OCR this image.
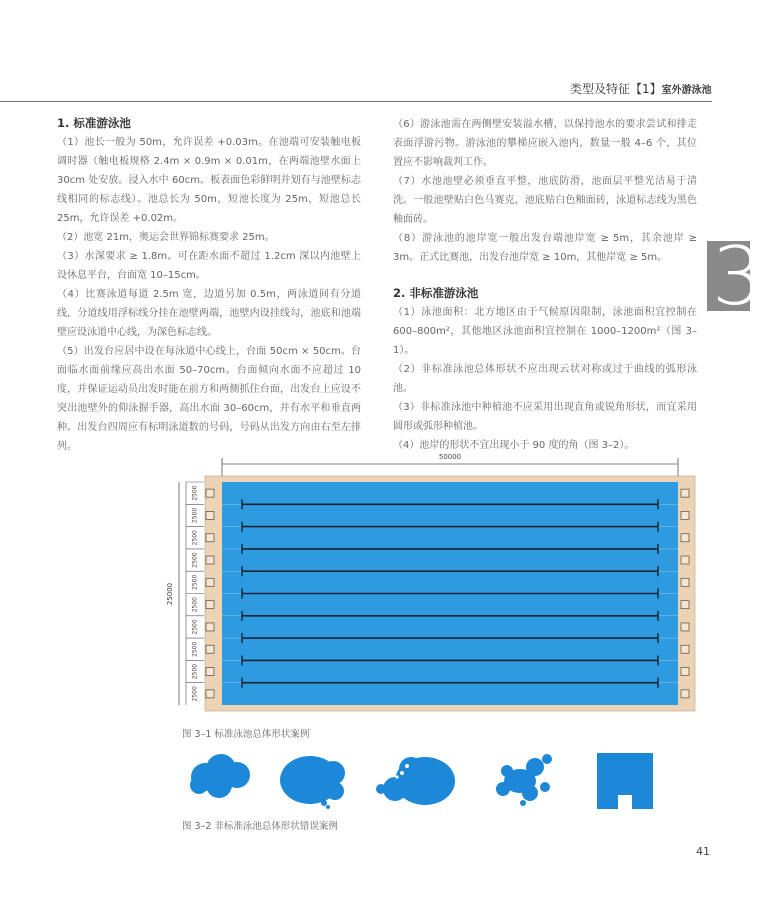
类型及特征【1】室外游泳池
3
1. 标准游泳池

（1）池长一般为 50m，允许误差 +0.03m。在池端可安装触电板调时器（触电板规格 2.4m × 0.9m × 0.01m，在两端池壁水面上 30cm 处安放。浸入水中 60cm。板表面色彩鲜明并划有与池壁标志线相同的标志线）。池总长为 50m，短池长度为 25m，短池总长 25m，允许误差 +0.02m。

（2）池宽 21m，奥运会世界锦标赛要求 25m。

（3）水深要求 ≥ 1.8m。可在距水面不超过 1.2cm 深以内池壁上设休息平台，台面宽 10–15cm。

（4）比赛泳道每道 2.5m 宽，边道另加 0.5m，两泳道间有分道线，分道线用浮标线分挂在池壁两端，池壁内设挂线勾，池底和池端壁应设泳道中心线，为深色标志线。

（5）出发台应居中设在每泳道中心线上，台面 50cm × 50cm。台面临水面前缘应高出水面 50–70cm。台面倾向水面不应超过 10 度，并保证运动员出发时能在前方和两侧抓住台面，出发台上应设不突出池壁外的仰泳握手器，高出水面 30–60cm，并有水平和垂直两种。出发台四周应有标明泳道数的号码，号码从出发方向由右至左排列。

（6）游泳池需在两侧壁安装溢水槽，以保持池水的要求尝试和排走表面浮游污物。游泳池的攀梯应嵌入池内，数量一般 4–6 个，其位置应不影响裁判工作。

（7）水池池壁必须垂直平整，池底防滑，池面层平整光洁易于清洗。一般池壁贴白色马赛克，池底贴白色釉面砖，泳道标志线为黑色釉面砖。

（8）游泳池的池岸宽一般出发台端池岸宽 ≥ 5m，其余池岸 ≥ 3m。正式比赛池，出发台池岸宽 ≥ 10m，其他岸宽 ≥ 5m。

2. 非标准游泳池

（1）泳池面积：北方地区由于气候原因限制，泳池面积宜控制在 600–800m²，其他地区泳池面积宜控制在 1000–1200m²（图 3–1）。

（2）非标准泳池总体形状不应出现云状对称或过于曲线的弧形泳池。

（3）非标准泳池中种植池不应采用出现直角或锐角形状，而宜采用圆形或弧形种植池。

（4）池岸的形状不宜出现小于 90 度的角（图 3–2）。

50000
25000
2500
2500
2500
2500
2500
2500
2500
2500
2500
2500
图 3–1 标准泳池总体形状案例
图 3–2 非标准泳池总体形状错误案例
41
